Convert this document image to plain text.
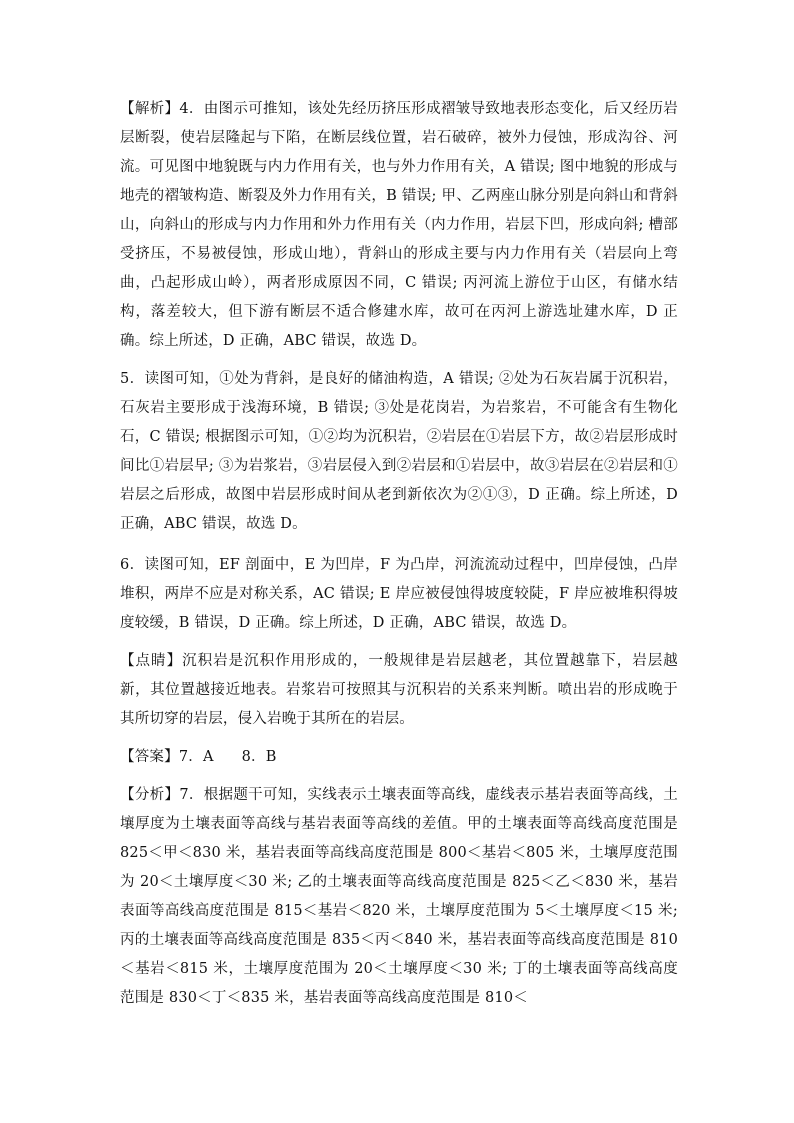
【解析】4．由图示可推知，该处先经历挤压形成褶皱导致地表形态变化，后又经历岩层断裂，使岩层隆起与下陷，在断层线位置，岩石破碎，被外力侵蚀，形成沟谷、河流。可见图中地貌既与内力作用有关，也与外力作用有关，A 错误; 图中地貌的形成与地壳的褶皱构造、断裂及外力作用有关，B 错误; 甲、乙两座山脉分别是向斜山和背斜山，向斜山的形成与内力作用和外力作用有关（内力作用，岩层下凹，形成向斜; 槽部受挤压，不易被侵蚀，形成山地），背斜山的形成主要与内力作用有关（岩层向上弯曲，凸起形成山岭），两者形成原因不同，C 错误; 丙河流上游位于山区，有储水结构，落差较大，但下游有断层不适合修建水库，故可在丙河上游选址建水库，D 正确。综上所述，D 正确，ABC 错误，故选 D。

5．读图可知，①处为背斜，是良好的储油构造，A 错误; ②处为石灰岩属于沉积岩，石灰岩主要形成于浅海环境，B 错误; ③处是花岗岩，为岩浆岩，不可能含有生物化石，C 错误; 根据图示可知，①②均为沉积岩，②岩层在①岩层下方，故②岩层形成时间比①岩层早; ③为岩浆岩，③岩层侵入到②岩层和①岩层中，故③岩层在②岩层和①岩层之后形成，故图中岩层形成时间从老到新依次为②①③，D 正确。综上所述，D 正确，ABC 错误，故选 D。

6．读图可知，EF 剖面中，E 为凹岸，F 为凸岸，河流流动过程中，凹岸侵蚀，凸岸堆积，两岸不应是对称关系，AC 错误; E 岸应被侵蚀得坡度较陡，F 岸应被堆积得坡度较缓，B 错误，D 正确。综上所述，D 正确，ABC 错误，故选 D。

【点睛】沉积岩是沉积作用形成的，一般规律是岩层越老，其位置越靠下，岩层越新，其位置越接近地表。岩浆岩可按照其与沉积岩的关系来判断。喷出岩的形成晚于其所切穿的岩层，侵入岩晚于其所在的岩层。

【答案】7．A 8．B

【分析】7．根据题干可知，实线表示土壤表面等高线，虚线表示基岩表面等高线，土壤厚度为土壤表面等高线与基岩表面等高线的差值。甲的土壤表面等高线高度范围是 825＜甲＜830 米，基岩表面等高线高度范围是 800＜基岩＜805 米，土壤厚度范围为 20＜土壤厚度＜30 米; 乙的土壤表面等高线高度范围是 825＜乙＜830 米，基岩表面等高线高度范围是 815＜基岩＜820 米，土壤厚度范围为 5＜土壤厚度＜15 米; 丙的土壤表面等高线高度范围是 835＜丙＜840 米，基岩表面等高线高度范围是 810＜基岩＜815 米，土壤厚度范围为 20＜土壤厚度＜30 米; 丁的土壤表面等高线高度范围是 830＜丁＜835 米，基岩表面等高线高度范围是 810＜
